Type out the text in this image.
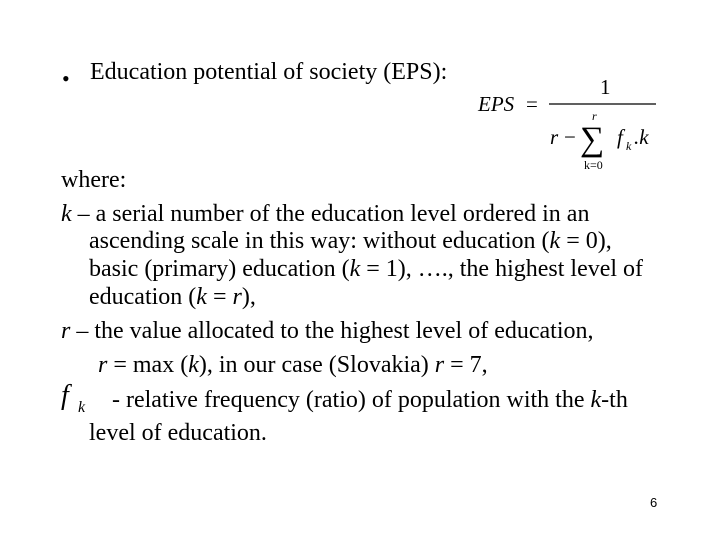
• Education potential of society (EPS):
EPS =
1
r
r − ∑ f k .k
k=0
where:
k – a serial number of the education level ordered in an
ascending scale in this way: without education (k = 0),
basic (primary) education (k = 1), …., the highest level of
education (k = r),
r – the value allocated to the highest level of education,
r = max (k), in our case (Slovakia) r = 7,
f k - relative frequency (ratio) of population with the k-th
level of education.
6
